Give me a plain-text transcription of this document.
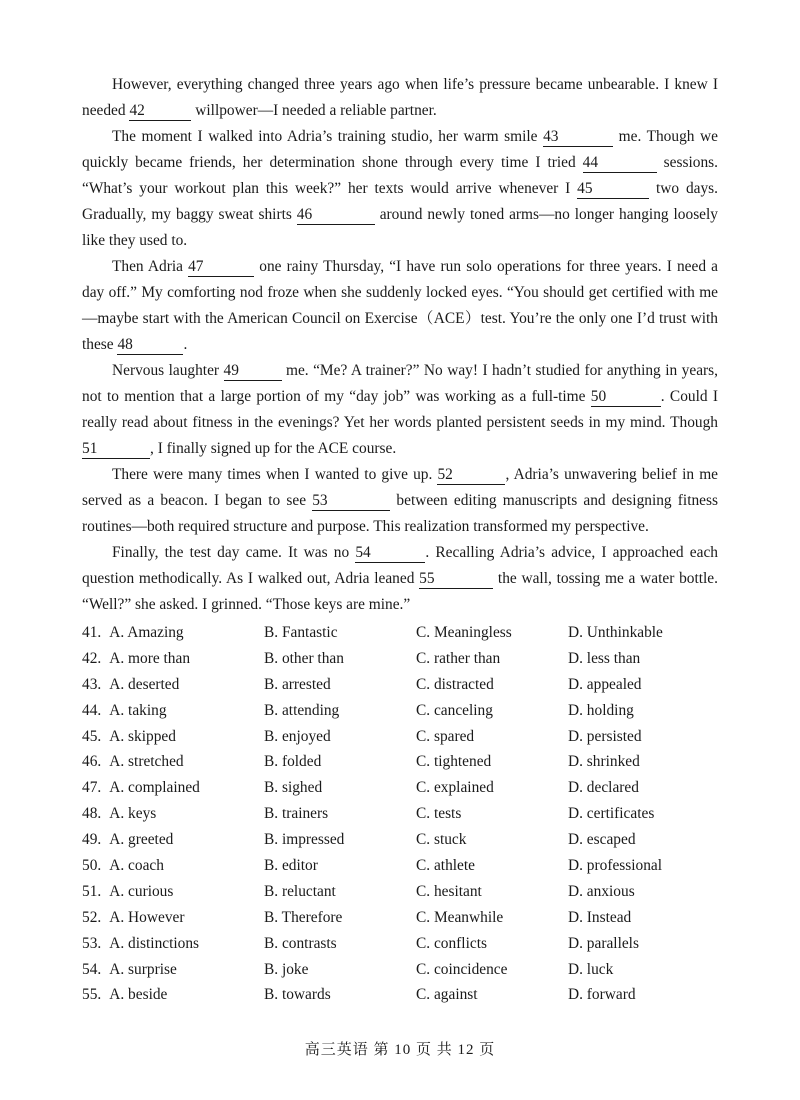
However, everything changed three years ago when life’s pressure became unbearable. I knew I needed 42	willpower—I needed a reliable partner.

The moment I walked into Adria’s training studio, her warm smile 43	me. Though we quickly became friends, her determination shone through every time I tried 44	sessions. “What’s your workout plan this week?” her texts would arrive whenever I 45	two days. Gradually, my baggy sweat shirts 46	around newly toned arms—no longer hanging loosely like they used to.

Then Adria 47	one rainy Thursday, “I have run solo operations for three years. I need a day off.” My comforting nod froze when she suddenly locked eyes. “You should get certified with me—maybe start with the American Council on Exercise（ACE）test. You’re the only one I’d trust with these 48	.

Nervous laughter 49	me. “Me? A trainer?” No way! I hadn’t studied for anything in years, not to mention that a large portion of my “day job” was working as a full-time 50	. Could I really read about fitness in the evenings? Yet her words planted persistent seeds in my mind. Though 51	, I finally signed up for the ACE course.

There were many times when I wanted to give up. 52	, Adria’s unwavering belief in me served as a beacon. I began to see 53	between editing manuscripts and designing fitness routines—both required structure and purpose. This realization transformed my perspective.

Finally, the test day came. It was no 54	. Recalling Adria’s advice, I approached each question methodically. As I walked out, Adria leaned 55	the wall, tossing me a water bottle. “Well?” she asked. I grinned. “Those keys are mine.”

41. A. Amazing	B. Fantastic	C. Meaningless	D. Unthinkable
42. A. more than	B. other than	C. rather than	D. less than
43. A. deserted	B. arrested	C. distracted	D. appealed
44. A. taking	B. attending	C. canceling	D. holding
45. A. skipped	B. enjoyed	C. spared	D. persisted
46. A. stretched	B. folded	C. tightened	D. shrinked
47. A. complained	B. sighed	C. explained	D. declared
48. A. keys	B. trainers	C. tests	D. certificates
49. A. greeted	B. impressed	C. stuck	D. escaped
50. A. coach	B. editor	C. athlete	D. professional
51. A. curious	B. reluctant	C. hesitant	D. anxious
52. A. However	B. Therefore	C. Meanwhile	D. Instead
53. A. distinctions	B. contrasts	C. conflicts	D. parallels
54. A. surprise	B. joke	C. coincidence	D. luck
55. A. beside	B. towards	C. against	D. forward
高三英语 第 10 页 共 12 页
